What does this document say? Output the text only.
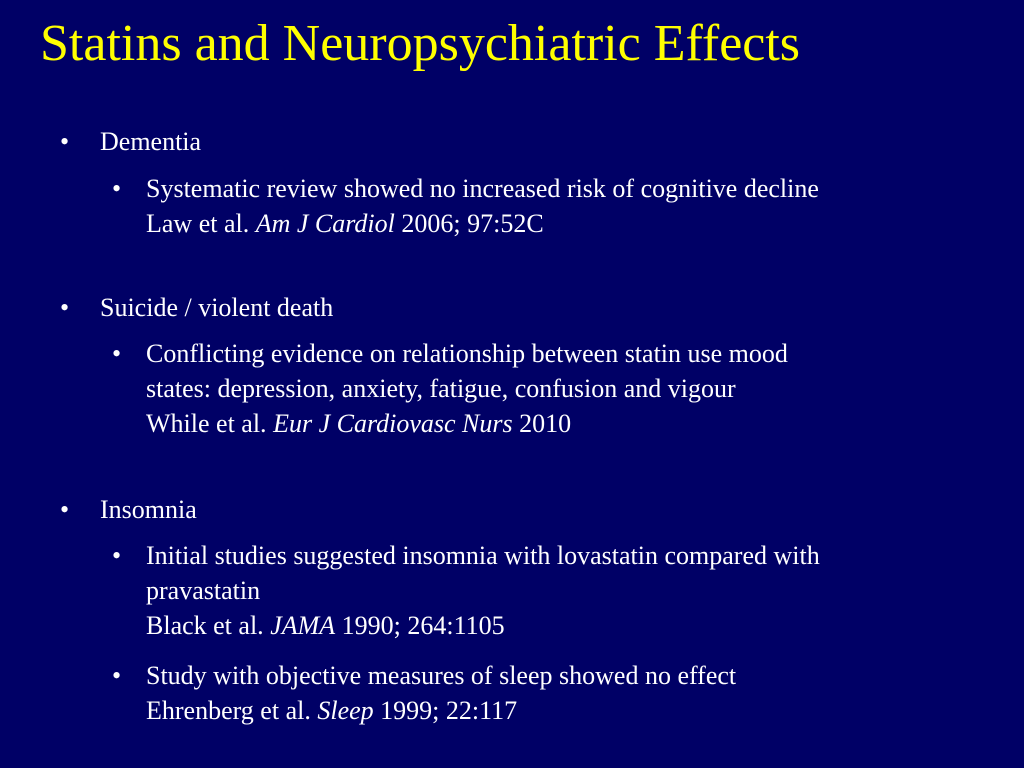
Statins and Neuropsychiatric Effects
• Dementia
• Systematic review showed no increased risk of cognitive decline
Law et al. Am J Cardiol 2006; 97:52C
• Suicide / violent death
• Conflicting evidence on relationship between statin use mood
states: depression, anxiety, fatigue, confusion and vigour
While et al. Eur J Cardiovasc Nurs 2010
• Insomnia
• Initial studies suggested insomnia with lovastatin compared with
pravastatin
Black et al. JAMA 1990; 264:1105
• Study with objective measures of sleep showed no effect
Ehrenberg et al. Sleep 1999; 22:117
